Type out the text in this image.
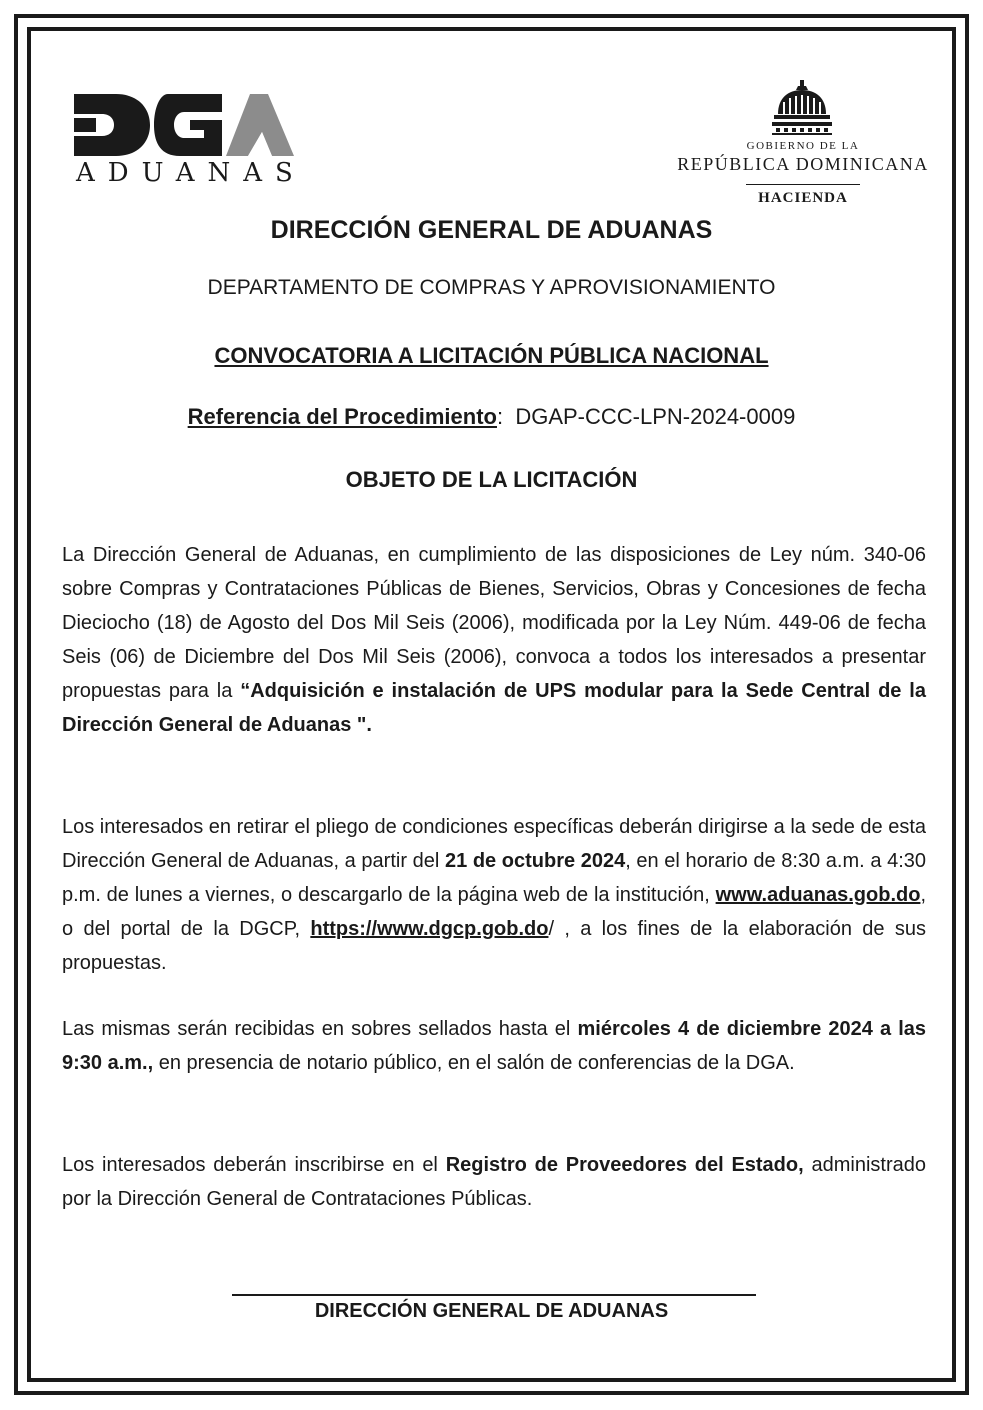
ADUANAS
GOBIERNO DE LA
REPÚBLICA DOMINICANA
HACIENDA
DIRECCIÓN GENERAL DE ADUANAS
DEPARTAMENTO DE COMPRAS Y APROVISIONAMIENTO
CONVOCATORIA A LICITACIÓN PÚBLICA NACIONAL
Referencia del Procedimiento:  DGAP-CCC-LPN-2024-0009
OBJETO DE LA LICITACIÓN

La Dirección General de Aduanas, en cumplimiento de las disposiciones de Ley núm. 340-06 sobre Compras y Contrataciones Públicas de Bienes, Servicios, Obras y Concesiones de fecha Dieciocho (18) de Agosto del Dos Mil Seis (2006), modificada por la Ley Núm. 449-06 de fecha Seis (06) de Diciembre del Dos Mil Seis (2006), convoca a todos los interesados a presentar propuestas para la “Adquisición e instalación de UPS modular para la Sede Central de la Dirección General de Aduanas ".

Los interesados en retirar el pliego de condiciones específicas deberán dirigirse a la sede de esta Dirección General de Aduanas, a partir del 21 de octubre 2024, en el horario de 8:30 a.m. a 4:30 p.m. de lunes a viernes, o descargarlo de la página web de la institución, www.aduanas.gob.do, o del portal de la DGCP, https://www.dgcp.gob.do/ , a los fines de la elaboración de sus propuestas.

Las mismas serán recibidas en sobres sellados hasta el miércoles 4 de diciembre 2024 a las 9:30 a.m., en presencia de notario público, en el salón de conferencias de la DGA.

Los interesados deberán inscribirse en el Registro de Proveedores del Estado, administrado por la Dirección General de Contrataciones Públicas.

DIRECCIÓN GENERAL DE ADUANAS
